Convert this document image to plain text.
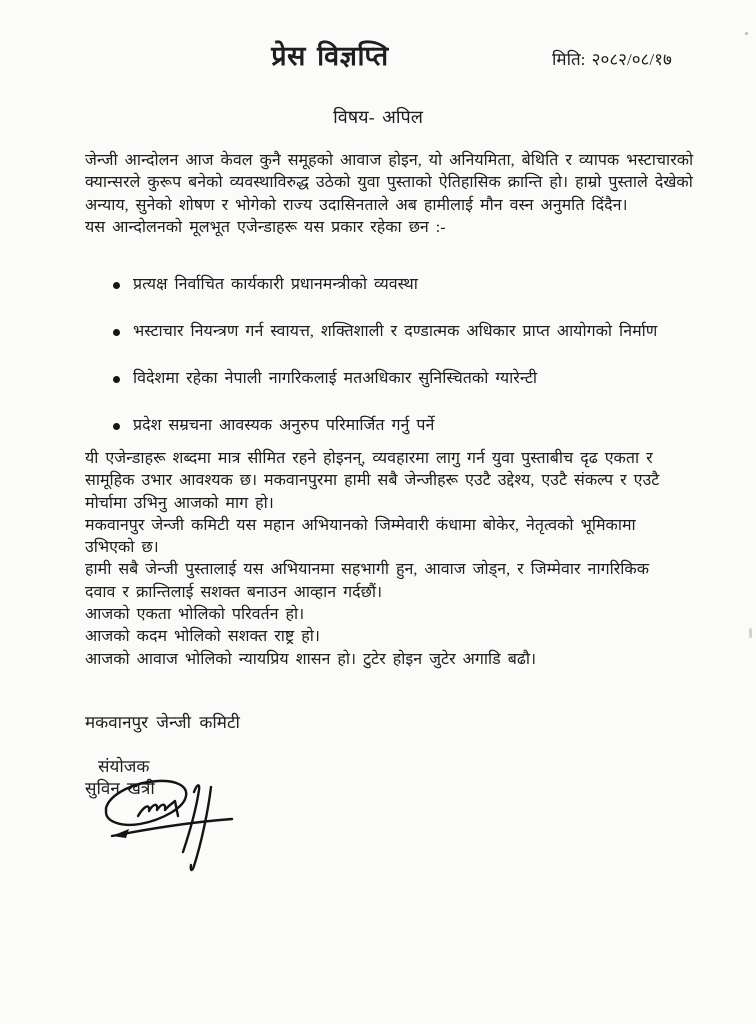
प्रेस विज्ञप्ति	मिति: २०८२/०८/१७
विषय- अपिल
जेन्जी आन्दोलन आज केवल कुनै समूहको आवाज होइन, यो अनियमिता, बेथिति र व्यापक भस्टाचारको
क्यान्सरले कुरूप बनेको व्यवस्थाविरुद्ध उठेको युवा पुस्ताको ऐतिहासिक क्रान्ति हो। हाम्रो पुस्ताले देखेको
अन्याय, सुनेको शोषण र भोगेको राज्य उदासिनताले अब हामीलाई मौन वस्न अनुमति दिंदैन।
यस आन्दोलनको मूलभूत एजेन्डाहरू यस प्रकार रहेका छन :-
प्रत्यक्ष निर्वाचित कार्यकारी प्रधानमन्त्रीको व्यवस्था
भस्टाचार नियन्त्रण गर्न स्वायत्त, शक्तिशाली र दण्डात्मक अधिकार प्राप्त आयोगको निर्माण
विदेशमा रहेका नेपाली नागरिकलाई मतअधिकार सुनिस्चितको ग्यारेन्टी
प्रदेश सम्रचना आवस्यक अनुरुप परिमार्जित गर्नु पर्ने
यी एजेन्डाहरू शब्दमा मात्र सीमित रहने होइनन्, व्यवहारमा लागु गर्न युवा पुस्ताबीच दृढ एकता र
सामूहिक उभार आवश्यक छ। मकवानपुरमा हामी सबै जेन्जीहरू एउटै उद्देश्य, एउटै संकल्प र एउटै
मोर्चामा उभिनु आजको माग हो।
मकवानपुर जेन्जी कमिटी यस महान अभियानको जिम्मेवारी कंधामा बोकेर, नेतृत्वको भूमिकामा
उभिएको छ।
हामी सबै जेन्जी पुस्तालाई यस अभियानमा सहभागी हुन, आवाज जोड्न, र जिम्मेवार नागरिकिक
दवाव र क्रान्तिलाई सशक्त बनाउन आव्हान गर्दछौं।
आजको एकता भोलिको परिवर्तन हो।
आजको कदम भोलिको सशक्त राष्ट्र हो।
आजको आवाज भोलिको न्यायप्रिय शासन हो। टुटेर होइन जुटेर अगाडि बढौ।
मकवानपुर जेन्जी कमिटी
संयोजक
सुविन खत्री
